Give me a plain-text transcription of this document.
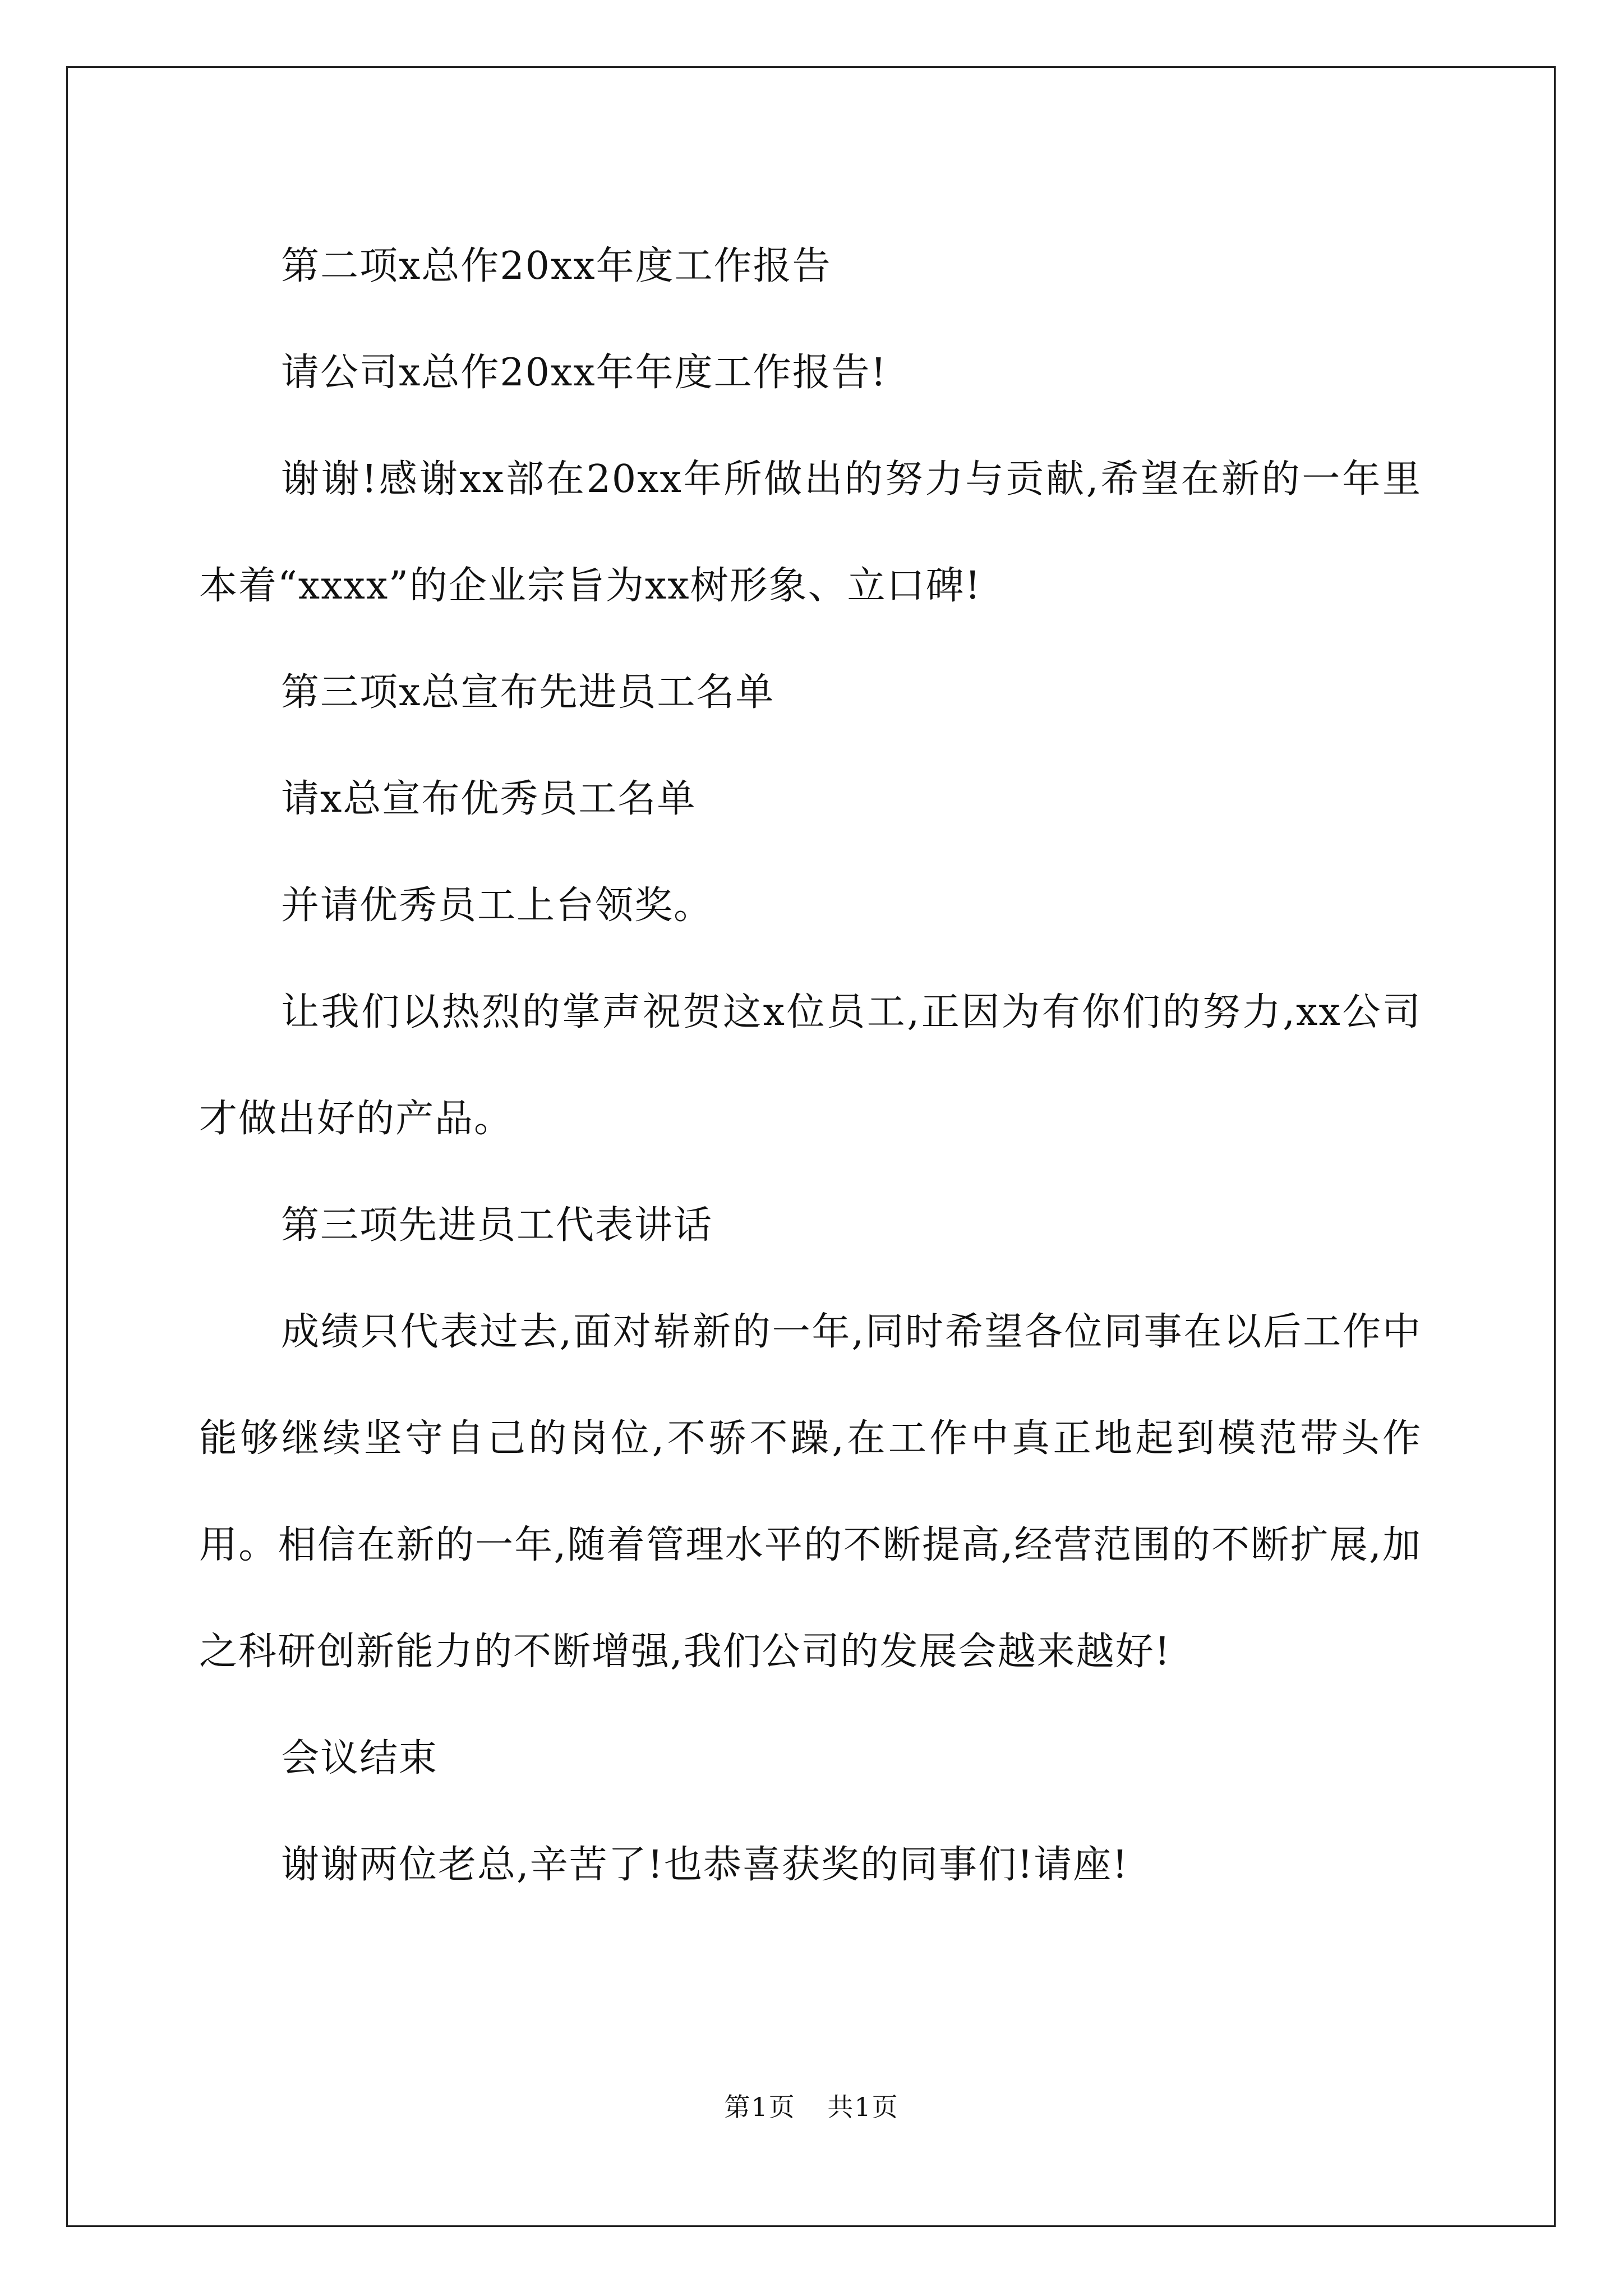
第二项x总作20xx年度工作报告

请公司x总作20xx年年度工作报告!

谢谢!感谢xx部在20xx年所做出的努力与贡献,希望在新的一年里本着“xxxx”的企业宗旨为xx树形象、立口碑!

第三项x总宣布先进员工名单

请x总宣布优秀员工名单

并请优秀员工上台领奖。

让我们以热烈的掌声祝贺这x位员工,正因为有你们的努力,xx公司才做出好的产品。

第三项先进员工代表讲话

成绩只代表过去,面对崭新的一年,同时希望各位同事在以后工作中能够继续坚守自己的岗位,不骄不躁,在工作中真正地起到模范带头作用。相信在新的一年,随着管理水平的不断提高,经营范围的不断扩展,加之科研创新能力的不断增强,我们公司的发展会越来越好!

会议结束

谢谢两位老总,辛苦了!也恭喜获奖的同事们!请座!

第1页 共1页
